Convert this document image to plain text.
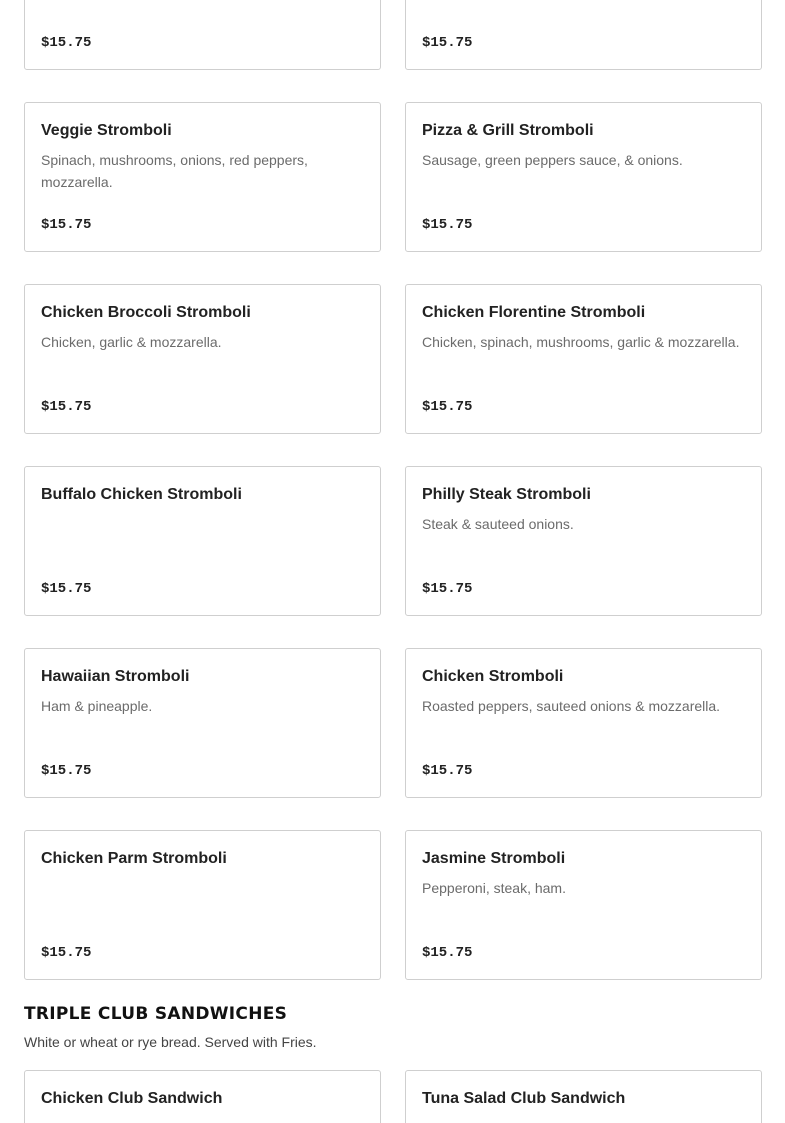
$15.75	$15.75
Veggie Stromboli
Spinach, mushrooms, onions, red peppers, mozzarella.
$15.75
Pizza & Grill Stromboli
Sausage, green peppers sauce, & onions.
$15.75
Chicken Broccoli Stromboli
Chicken, garlic & mozzarella.
$15.75
Chicken Florentine Stromboli
Chicken, spinach, mushrooms, garlic & mozzarella.
$15.75
Buffalo Chicken Stromboli
$15.75
Philly Steak Stromboli
Steak & sauteed onions.
$15.75
Hawaiian Stromboli
Ham & pineapple.
$15.75
Chicken Stromboli
Roasted peppers, sauteed onions & mozzarella.
$15.75
Chicken Parm Stromboli
$15.75
Jasmine Stromboli
Pepperoni, steak, ham.
$15.75
TRIPLE CLUB SANDWICHES
White or wheat or rye bread. Served with Fries.
Chicken Club Sandwich	Tuna Salad Club Sandwich
